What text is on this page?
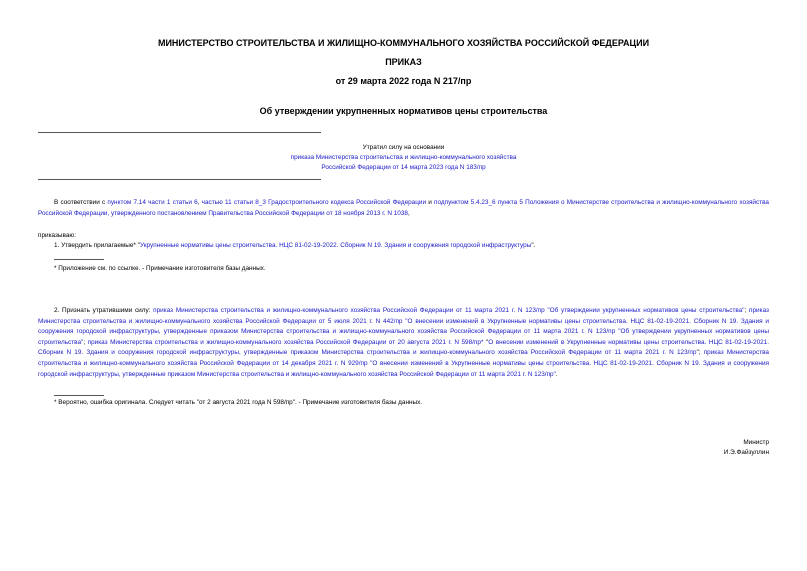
МИНИСТЕРСТВО СТРОИТЕЛЬСТВА И ЖИЛИЩНО-КОММУНАЛЬНОГО ХОЗЯЙСТВА РОССИЙСКОЙ ФЕДЕРАЦИИ
ПРИКАЗ
от 29 марта 2022 года N 217/пр
Об утверждении укрупненных нормативов цены строительства
Утратил силу на основании
приказа Министерства строительства и жилищно-коммунального хозяйства
Российской Федерации от 14 марта 2023 года N 183/пр
В соответствии с пунктом 7.14 части 1 статьи 6, частью 11 статьи 8_3 Градостроительного кодекса Российской Федерации и подпунктом 5.4.23_6 пункта 5 Положения о Министерстве строительства и жилищно-коммунального хозяйства Российской Федерации, утвержденного постановлением Правительства Российской Федерации от 18 ноября 2013 г. N 1038,
приказываю:
1. Утвердить прилагаемые* "Укрупненные нормативы цены строительства. НЦС 81-02-19-2022. Сборник N 19. Здания и сооружения городской инфраструктуры".
* Приложение см. по ссылке. - Примечание изготовителя базы данных.
2. Признать утратившими силу: приказ Министерства строительства и жилищно-коммунального хозяйства Российской Федерации от 11 марта 2021 г. N 123/пр "Об утверждении укрупненных нормативов цены строительства"; приказ Министерства строительства и жилищно-коммунального хозяйства Российской Федерации от 5 июля 2021 г. N 442/пр "О внесении изменений в Укрупненные нормативы цены строительства. НЦС 81-02-19-2021. Сборник N 19. Здания и сооружения городской инфраструктуры, утвержденные приказом Министерства строительства и жилищно-коммунального хозяйства Российской Федерации от 11 марта 2021 г. N 123/пр "Об утверждении укрупненных нормативов цены строительства"; приказ Министерства строительства и жилищно-коммунального хозяйства Российской Федерации от 20 августа 2021 г. N 598/пр* "О внесении изменений в Укрупненные нормативы цены строительства. НЦС 81-02-19-2021. Сборник N 19. Здания и сооружения городской инфраструктуры, утвержденные приказом Министерства строительства и жилищно-коммунального хозяйства Российской Федерации от 11 марта 2021 г. N 123/пр"; приказ Министерства строительства и жилищно-коммунального хозяйства Российской Федерации от 14 декабря 2021 г. N 929/пр "О внесении изменений в Укрупненные нормативы цены строительства. НЦС 81-02-19-2021. Сборник N 19. Здания и сооружения городской инфраструктуры, утвержденные приказом Министерства строительства и жилищно-коммунального хозяйства Российской Федерации от 11 марта 2021 г. N 123/пр".
* Вероятно, ошибка оригинала. Следует читать "от 2 августа 2021 года N 598/пр". - Примечание изготовителя базы данных.
Министр
И.Э.Файзуллин
